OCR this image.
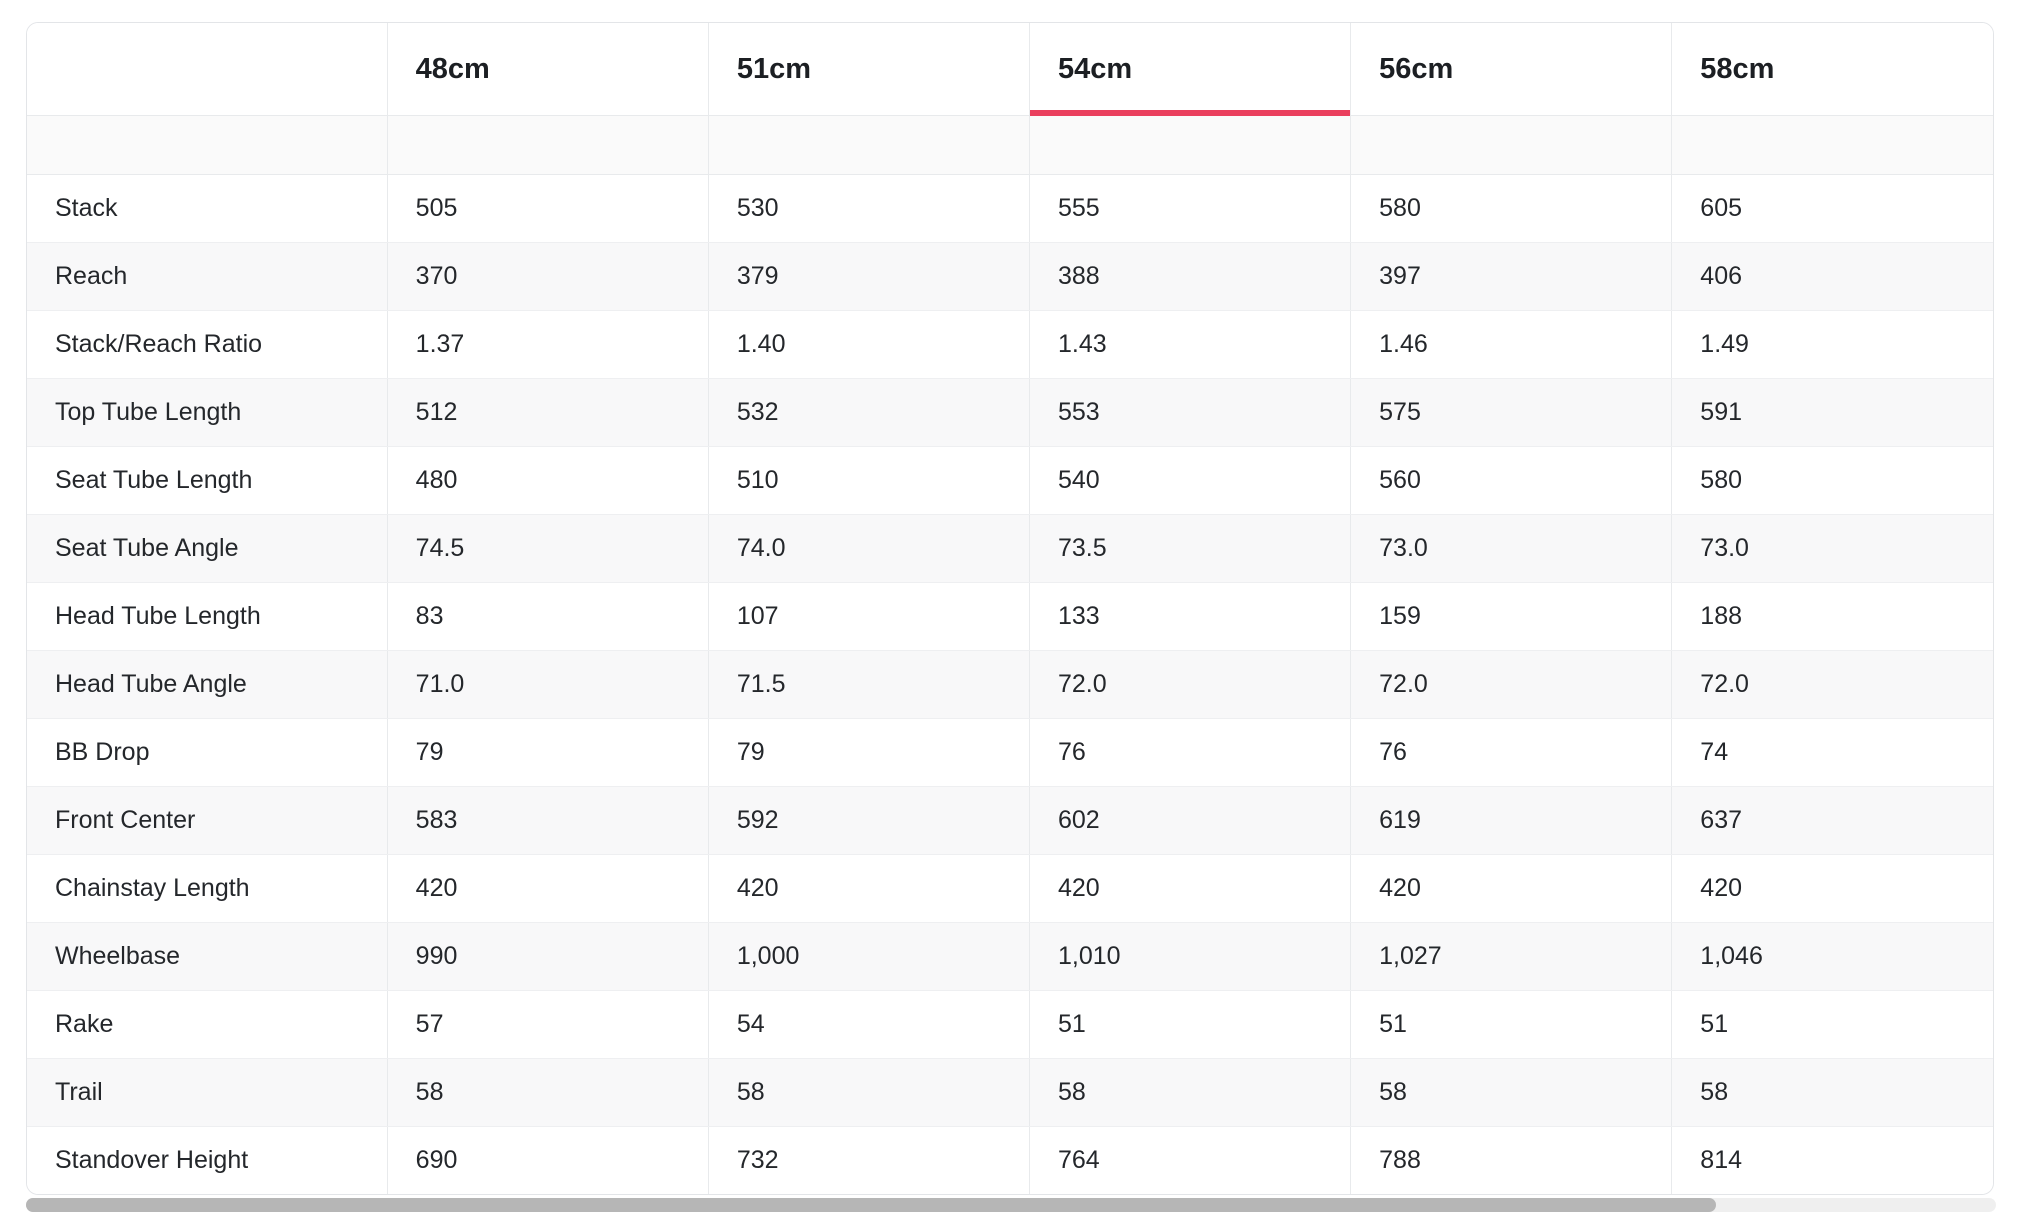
	48cm	51cm	54cm	56cm	58cm

Stack	505	530	555	580	605
Reach	370	379	388	397	406
Stack/Reach Ratio	1.37	1.40	1.43	1.46	1.49
Top Tube Length	512	532	553	575	591
Seat Tube Length	480	510	540	560	580
Seat Tube Angle	74.5	74.0	73.5	73.0	73.0
Head Tube Length	83	107	133	159	188
Head Tube Angle	71.0	71.5	72.0	72.0	72.0
BB Drop	79	79	76	76	74
Front Center	583	592	602	619	637
Chainstay Length	420	420	420	420	420
Wheelbase	990	1,000	1,010	1,027	1,046
Rake	57	54	51	51	51
Trail	58	58	58	58	58
Standover Height	690	732	764	788	814
